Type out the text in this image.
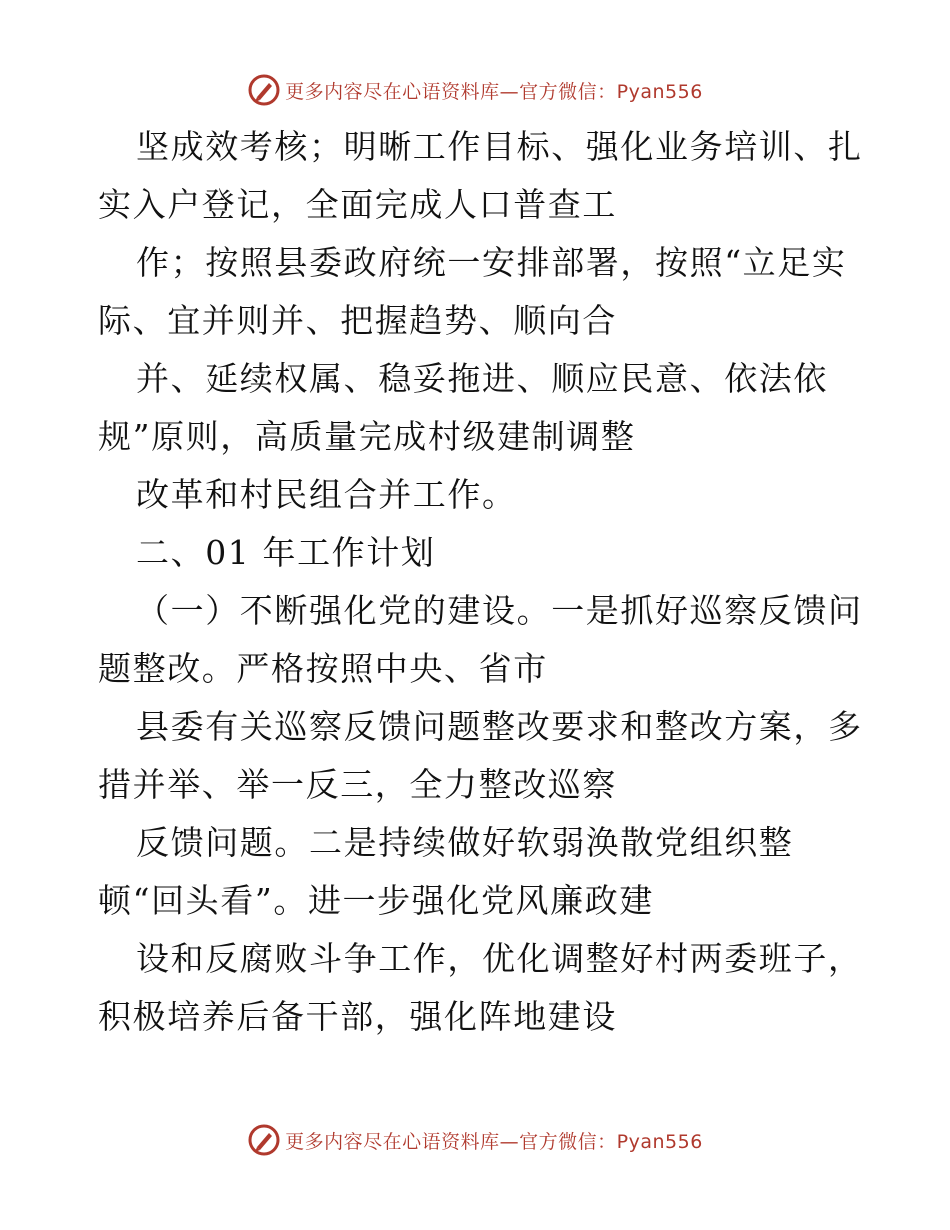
更多内容尽在心语资料库—官方微信：Pyan556
坚成效考核；明晰工作目标、强化业务培训、扎
实入户登记，全面完成人口普查工
作；按照县委政府统一安排部署，按照“立足实
际、宜并则并、把握趋势、顺向合
并、延续权属、稳妥拖进、顺应民意、依法依
规”原则，高质量完成村级建制调整
改革和村民组合并工作。
二、01 年工作计划
（一）不断强化党的建设。一是抓好巡察反馈问
题整改。严格按照中央、省市
县委有关巡察反馈问题整改要求和整改方案，多
措并举、举一反三，全力整改巡察
反馈问题。二是持续做好软弱涣散党组织整
顿“回头看”。进一步强化党风廉政建
设和反腐败斗争工作，优化调整好村两委班子，
积极培养后备干部，强化阵地建设
更多内容尽在心语资料库—官方微信：Pyan556
